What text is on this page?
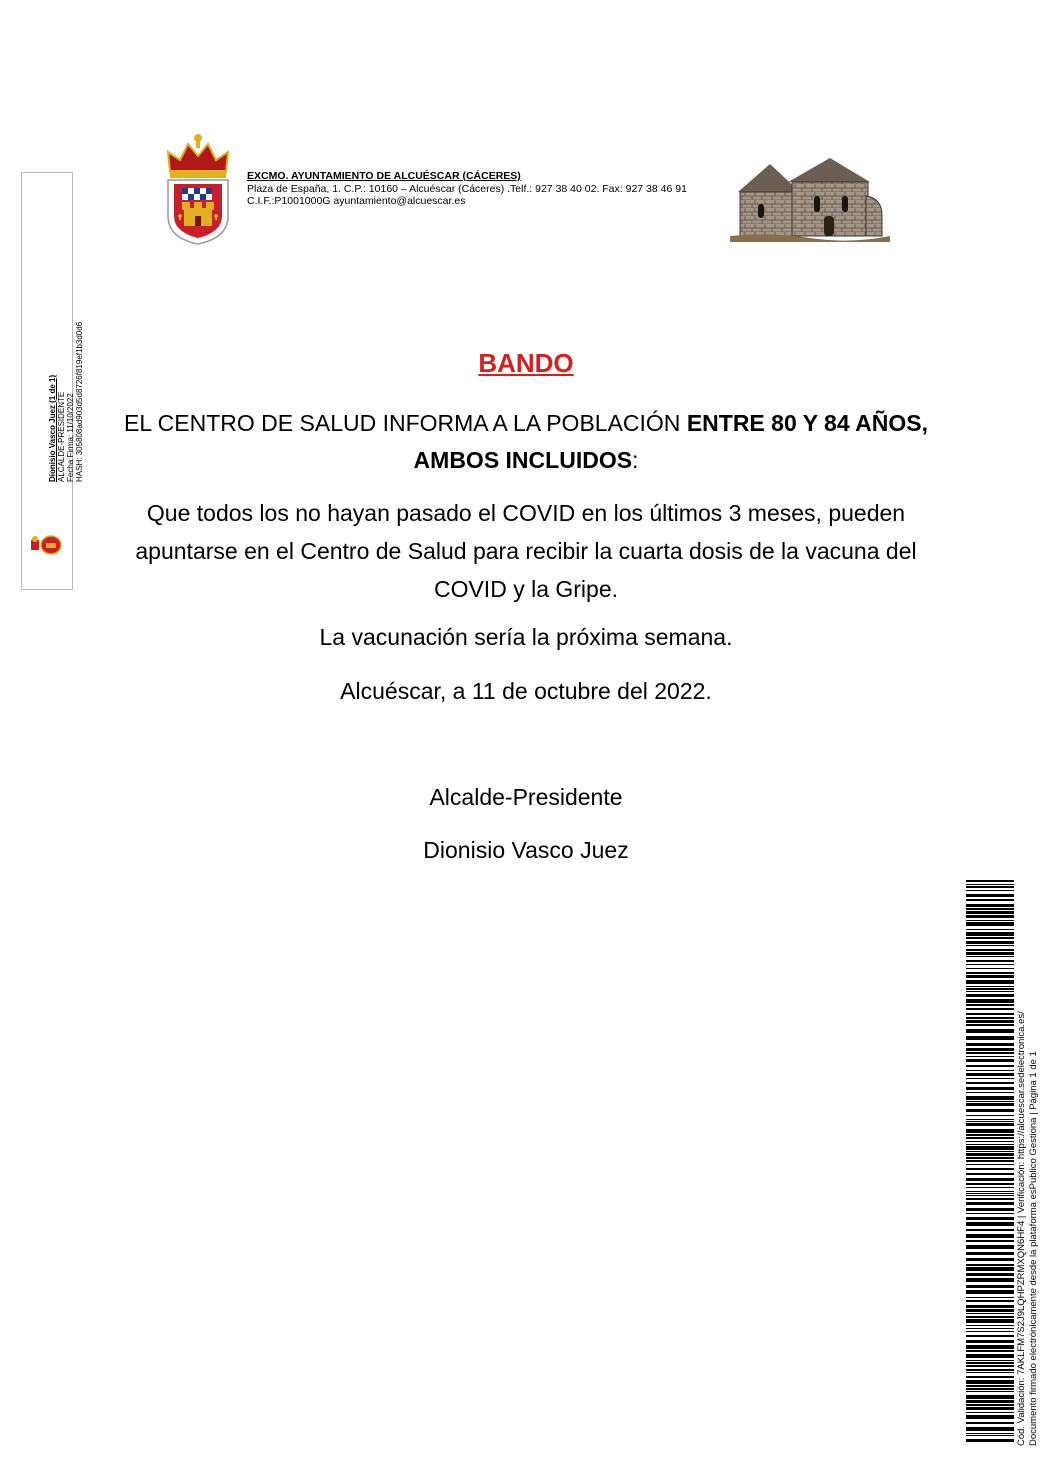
EXCMO. AYUNTAMIENTO DE ALCUÉSCAR (CÁCERES)
Plaza de España, 1. C.P.: 10160 – Alcuéscar (Cáceres) .Telf.: 927 38 40 02. Fax: 927 38 46 91
C.I.F.:P1001000G ayuntamiento@alcuescar.es
Dionisio Vasco Juez (1 de 1) ALCALDE-PRESIDENTE Fecha Firma: 11/10/2022 HASH: 305808ad903d5d8726f819ef1b3d0d6	BANDO
EL CENTRO DE SALUD INFORMA A LA POBLACIÓN ENTRE 80 Y 84 AÑOS, AMBOS INCLUIDOS:
Que todos los no hayan pasado el COVID en los últimos 3 meses, pueden apuntarse en el Centro de Salud para recibir la cuarta dosis de la vacuna del COVID y la Gripe.
La vacunación sería la próxima semana.
Alcuéscar, a 11 de octubre del 2022.
Alcalde-Presidente
Dionisio Vasco Juez
Cód. Validación: 7AKLFM7S2J9LQHPZRMXQN6HF4 | Verificación: https://alcuescar.sedelectronica.es/ Documento firmado electrónicamente desde la plataforma esPublico Gestiona | Página 1 de 1
